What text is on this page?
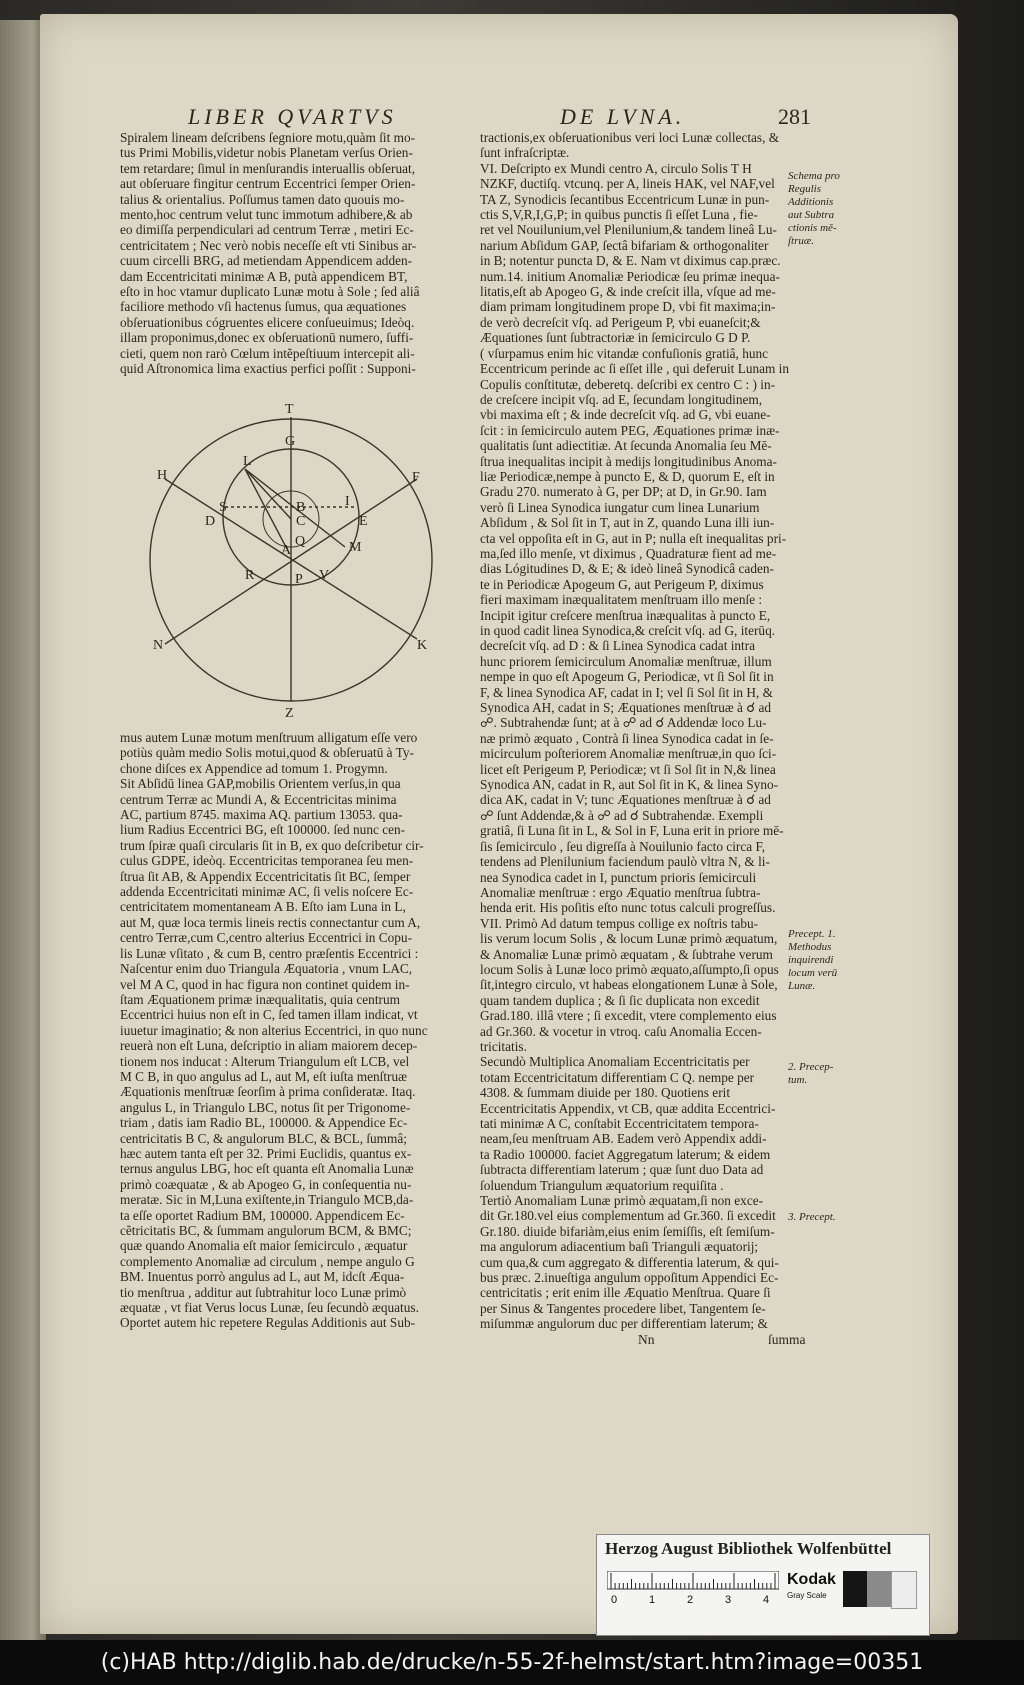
LIBER QVARTVS	DE LVNA.	281

Spiralem lineam deſcribens ſegniore motu,quàm ſit mo-

tus Primi Mobilis,videtur nobis Planetam verſus Orien-

tem retardare; ſimul in menſurandis interuallis obſeruat,

aut obſeruare fingitur centrum Eccentrici ſemper Orien-

talius & orientalius. Poſſumus tamen dato quouis mo-

mento,hoc centrum velut tunc immotum adhibere,& ab

eo dimiſſa perpendiculari ad centrum Terræ , metiri Ec-

centricitatem ; Nec verò nobis neceſſe eſt vti Sinibus ar-

cuum circelli BRG, ad metiendam Appendicem adden-

dam Eccentricitati minimæ A B, putà appendicem BT,

eſto in hoc vtamur duplicato Lunæ motu à Sole ; ſed aliâ

faciliore methodo vſi hactenus ſumus, qua æquationes

obſeruationibus cógruentes elicere conſueuimus; Ideòq.

illam proponimus,donec ex obſeruationū numero, ſuffi-

cieti, quem non rarò Cœlum intẽpeſtiuum intercepit ali-

quid Aſtronomica lima exactius perfici poſſit : Supponi-

T
G
H
L
F
S
D
B
C	E
I
A	M
Q
R	P V
N	K
Z

mus autem Lunæ motum menſtruum alligatum eſſe vero

potiùs quàm medio Solis motui,quod & obſeruatū à Ty-

chone diſces ex Appendice ad tomum 1. Progymn.

Sit Abſidū linea GAP,mobilis Orientem verſus,in qua

centrum Terræ ac Mundi A, & Eccentricitas minima

AC, partium 8745. maxima AQ. partium 13053. qua-

lium Radius Eccentrici BG, eſt 100000. ſed nunc cen-

trum ſpiræ quaſi circularis ſit in B, ex quo deſcribetur cir-

culus GDPE, ideòq. Eccentricitas temporanea ſeu men-

ſtrua ſit AB, & Appendix Eccentricitatis ſit BC, ſemper

addenda Eccentricitati minimæ AC, ſi velis noſcere Ec-

centricitatem momentaneam A B. Eſto iam Luna in L,

aut M, quæ loca termis lineis rectis connectantur cum A,

centro Terræ,cum C,centro alterius Eccentrici in Copu-

lis Lunæ vſitato , & cum B, centro præſentis Eccentrici :

Naſcentur enim duo Triangula Æquatoria , vnum LAC,

vel M A C, quod in hac figura non continet quidem in-

ſtam Æquationem primæ inæqualitatis, quia centrum

Eccentrici huius non eſt in C, ſed tamen illam indicat, vt

iuuetur imaginatio; & non alterius Eccentrici, in quo nunc

reuerà non eſt Luna, deſcriptio in aliam maiorem decep-

tionem nos inducat : Alterum Triangulum eſt LCB, vel

M C B, in quo angulus ad L, aut M, eſt iuſta menſtruæ

Æquationis menſtruæ ſeorſim à prima conſideratæ. Itaq.

angulus L, in Triangulo LBC, notus ſit per Trigonome-

triam , datis iam Radio BL, 100000. & Appendice Ec-

centricitatis B C, & angulorum BLC, & BCL, ſummâ;

hæc autem tanta eſt per 32. Primi Euclidis, quantus ex-

ternus angulus LBG, hoc eſt quanta eſt Anomalia Lunæ

primò coæquatæ , & ab Apogeo G, in conſequentia nu-

meratæ. Sic in M,Luna exiſtente,in Triangulo MCB,da-

ta eſſe oportet Radium BM, 100000. Appendicem Ec-

cẽtricitatis BC, & ſummam angulorum BCM, & BMC;

quæ quando Anomalia eſt maior ſemicirculo , æquatur

complemento Anomaliæ ad circulum , nempe angulo G

BM. Inuentus porrò angulus ad L, aut M, idcſt Æqua-

tio menſtrua , additur aut ſubtrahitur loco Lunæ primò

æquatæ , vt fiat Verus locus Lunæ, ſeu ſecundò æquatus.

Oportet autem hic repetere Regulas Additionis aut Sub-

tractionis,ex obſeruationibus veri loci Lunæ collectas, &

ſunt infraſcriptæ.

VI. Deſcripto ex Mundi centro A, circulo Solis T H

NZKF, ductiſq. vtcunq. per A, lineis HAK, vel NAF,vel

TA Z, Synodicis ſecantibus Eccentricum Lunæ in pun-

ctis S,V,R,I,G,P; in quibus punctis ſi eſſet Luna , fie-

ret vel Nouilunium,vel Plenilunium,& tandem lineâ Lu-

narium Abſidum GAP, ſectâ bifariam & orthogonaliter

in B; notentur puncta D, & E. Nam vt diximus cap.præc.

num.14. initium Anomaliæ Periodicæ ſeu primæ inequa-

litatis,eſt ab Apogeo G, & inde creſcit illa, vſque ad me-

diam primam longitudinem prope D, vbi fit maxima;in-

de verò decreſcit vſq. ad Perigeum P, vbi euaneſcit;&

Æquationes ſunt ſubtractoriæ in ſemicirculo G D P.

( vſurpamus enim hic vitandæ confuſionis gratiâ, hunc

Eccentricum perinde ac ſi eſſet ille , qui deferuit Lunam in

Copulis conſtitutæ, deberetq. deſcribi ex centro C : ) in-

de creſcere incipit vſq. ad E, ſecundam longitudinem,

vbi maxima eſt ; & inde decreſcit vſq. ad G, vbi euane-

ſcit : in ſemicirculo autem PEG, Æquationes primæ inæ-

qualitatis ſunt adiectitiæ. At ſecunda Anomalia ſeu Mē-

ſtrua inequalitas incipit à medijs longitudinibus Anoma-

liæ Periodicæ,nempe à puncto E, & D, quorum E, eſt in

Gradu 270. numerato à G, per DP; at D, in Gr.90. Iam

verò ſi Linea Synodica iungatur cum linea Lunarium

Abſidum , & Sol ſit in T, aut in Z, quando Luna illi iun-

cta vel oppoſita eſt in G, aut in P; nulla eſt inequalitas pri-

ma,ſed illo menſe, vt diximus , Quadraturæ fient ad me-

dias Lógitudines D, & E; & ideò lineâ Synodicâ caden-

te in Periodicæ Apogeum G, aut Perigeum P, diximus

fieri maximam inæqualitatem menſtruam illo menſe :

Incipit igitur creſcere menſtrua inæqualitas à puncto E,

in quod cadit linea Synodica,& creſcit vſq. ad G, iterūq.

decreſcit vſq. ad D : & ſi Linea Synodica cadat intra

hunc priorem ſemicirculum Anomaliæ menſtruæ, illum

nempe in quo eſt Apogeum G, Periodicæ, vt ſi Sol ſit in

F, & linea Synodica AF, cadat in I; vel ſi Sol ſit in H, &

Synodica AH, cadat in S; Æquationes menſtruæ à ☌ ad

☍. Subtrahendæ ſunt; at à ☍ ad ☌ Addendæ loco Lu-

næ primò æquato , Contrà ſi linea Synodica cadat in ſe-

micirculum poſteriorem Anomaliæ menſtruæ,in quo ſci-

licet eſt Perigeum P, Periodicæ; vt ſi Sol ſit in N,& linea

Synodica AN, cadat in R, aut Sol ſit in K, & linea Syno-

dica AK, cadat in V; tunc Æquationes menſtruæ à ☌ ad

☍ ſunt Addendæ,& à ☍ ad ☌ Subtrahendæ. Exempli

gratiâ, ſi Luna ſit in L, & Sol in F, Luna erit in priore mē-

ſis ſemicirculo , ſeu digreſſa à Nouilunio facto circa F,

tendens ad Plenilunium faciendum paulò vltra N, & li-

nea Synodica cadet in I, punctum prioris ſemicirculi

Anomaliæ menſtruæ : ergo Æquatio menſtrua ſubtra-

henda erit. His poſitis eſto nunc totus calculi progreſſus.

VII. Primò Ad datum tempus collige ex noſtris tabu-

lis verum locum Solis , & locum Lunæ primò æquatum,

& Anomaliæ Lunæ primò æquatam , & ſubtrahe verum

locum Solis à Lunæ loco primò æquato,aſſumpto,ſi opus

ſit,integro circulo, vt habeas elongationem Lunæ à Sole,

quam tandem duplica ; & ſi ſic duplicata non excedit

Grad.180. illâ vtere ; ſi excedit, vtere complemento eius

ad Gr.360. & vocetur in vtroq. caſu Anomalia Eccen-

tricitatis.

Secundò Multiplica Anomaliam Eccentricitatis per

totam Eccentricitatum differentiam C Q. nempe per

4308. & ſummam diuide per 180. Quotiens erit

Eccentricitatis Appendix, vt CB, quæ addita Eccentrici-

tati minimæ A C, conſtabit Eccentricitatem tempora-

neam,ſeu menſtruam AB. Eadem verò Appendix addi-

ta Radio 100000. faciet Aggregatum laterum; & eidem

ſubtracta differentiam laterum ; quæ ſunt duo Data ad

ſoluendum Triangulum æquatorium requiſita .

Tertiò Anomaliam Lunæ primò æquatam,ſi non exce-

dit Gr.180.vel eius complementum ad Gr.360. ſi excedit

Gr.180. diuide bifariàm,eius enim ſemiſſis, eſt ſemiſum-

ma angulorum adiacentium baſi Trianguli æquatorij;

cum qua,& cum aggregato & differentia laterum, & qui-

bus præc. 2.inueſtiga angulum oppoſitum Appendici Ec-

centricitatis ; erit enim ille Æquatio Menſtrua. Quare ſi

per Sinus & Tangentes procedere libet, Tangentem ſe-

miſummæ angulorum duc per differentiam laterum; &

Schema pro Regulis Additionis aut Subtra ctionis mē- ſtruæ.
Precept. 1. Methodus inquirendi locum verū Lunæ.
2. Precep- tum.
3. Precept.
Nn	ſumma
Herzog August Bibliothek Wolfenbüttel
0	1	2	3	4
Kodak
Gray Scale
(c)HAB http://diglib.hab.de/drucke/n-55-2f-helmst/start.htm?image=00351
